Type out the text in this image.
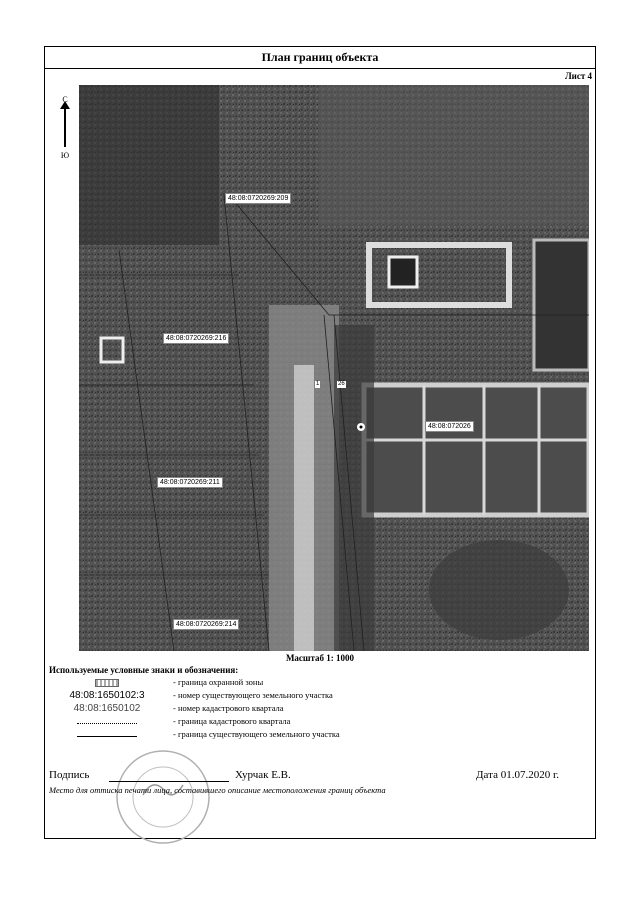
План границ объекта
Лист 4
С
Ю
48:08:0720269:209
48:08:0720269:216
48:08:0720269:211
48:08:0720269:214
48:08:072026
1	26
Масштаб 1: 1000
Используемые условные знаки и обозначения:
- граница охранной зоны
48:08:1650102:3	- номер существующего земельного участка
48:08:1650102	- номер кадастрового квартала
- граница кадастрового квартала
- граница существующего земельного участка
Подпись	Хурчак Е.В.	Дата 01.07.2020 г.
Место для оттиска печати лица, составившего описание местоположения границ объекта
